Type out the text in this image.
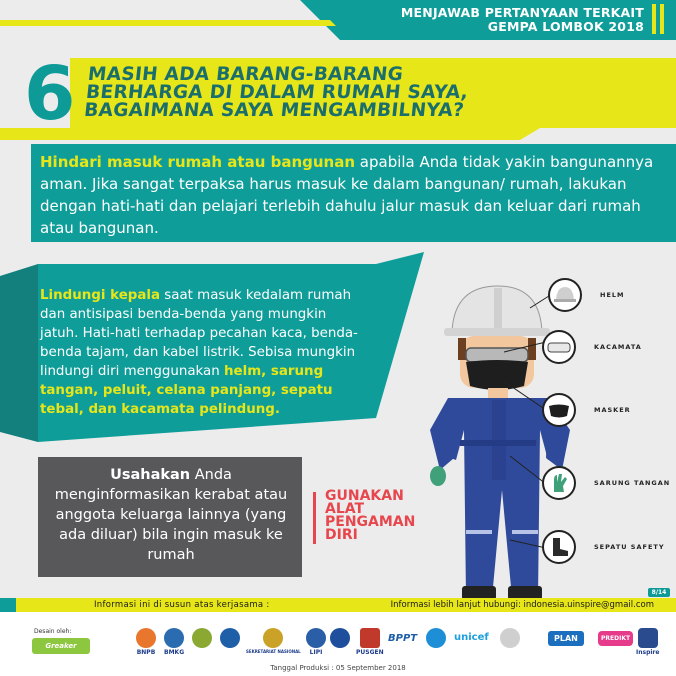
MENJAWAB PERTANYAAN TERKAIT
GEMPA LOMBOK 2018
6 MASIH ADA BARANG-BARANG BERHARGA DI DALAM RUMAH SAYA, BAGAIMANA SAYA MENGAMBILNYA?
Hindari masuk rumah atau bangunan apabila Anda tidak yakin bangunannya aman. Jika sangat terpaksa harus masuk ke dalam bangunan/ rumah, lakukan dengan hati-hati dan pelajari terlebih dahulu jalur masuk dan keluar dari rumah atau bangunan.
Lindungi kepala saat masuk kedalam rumah dan antisipasi benda-benda yang mungkin jatuh. Hati-hati terhadap pecahan kaca, benda-benda tajam, dan kabel listrik. Sebisa mungkin lindungi diri menggunakan helm, sarung tangan, peluit, celana panjang, sepatu tebal, dan kacamata pelindung.
Usahakan Anda menginformasikan kerabat atau anggota keluarga lainnya (yang ada diluar) bila ingin masuk ke rumah
GUNAKAN ALAT PENGAMAN DIRI
HELM
KACAMATA
MASKER
SARUNG TANGAN
SEPATU SAFETY
8/14
Informasi ini di susun atas kerjasama :	Informasi lebih lanjut hubungi: indonesia.uinspire@gmail.com
Desain oleh:
Greaker
BNPB BMKG	SEKRETARIAT NASIONAL LIPI	PUSGEN
BPPT	unicef	PLAN	PREDIKT
Inspire
Tanggal Produksi : 05 September 2018
